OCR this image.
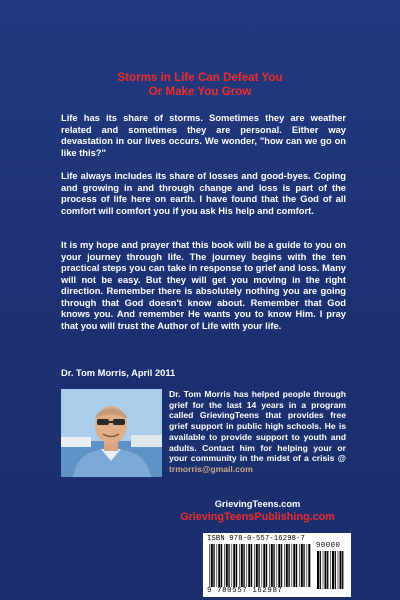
Storms in Life Can Defeat You
Or Make You Grow

Life has its share of storms. Sometimes they are weather related and sometimes they are personal. Either way devastation in our lives occurs. We wonder, "how can we go on like this?"

Life always includes its share of losses and good-byes. Coping and growing in and through change and loss is part of the process of life here on earth. I have found that the God of all comfort will comfort you if you ask His help and comfort.

It is my hope and prayer that this book will be a guide to you on your journey through life. The journey begins with the ten practical steps you can take in response to grief and loss. Many will not be easy. But they will get you moving in the right direction. Remember there is absolutely nothing you are going through that God doesn't know about. Remember that God knows you. And remember He wants you to know Him. I pray that you will trust the Author of Life with your life.

Dr. Tom Morris, April 2011

Dr. Tom Morris has helped people through grief for the last 14 years in a program called GrievingTeens that provides free grief support in public high schools. He is available to provide support to youth and adults. Contact him for helping your or your community in the midst of a crisis @ trmorris@gmail.com

GrievingTeens.com

GrievingTeensPublishing.com

ISBN 978-0-557-16298-7
90000
9 780557 162987
